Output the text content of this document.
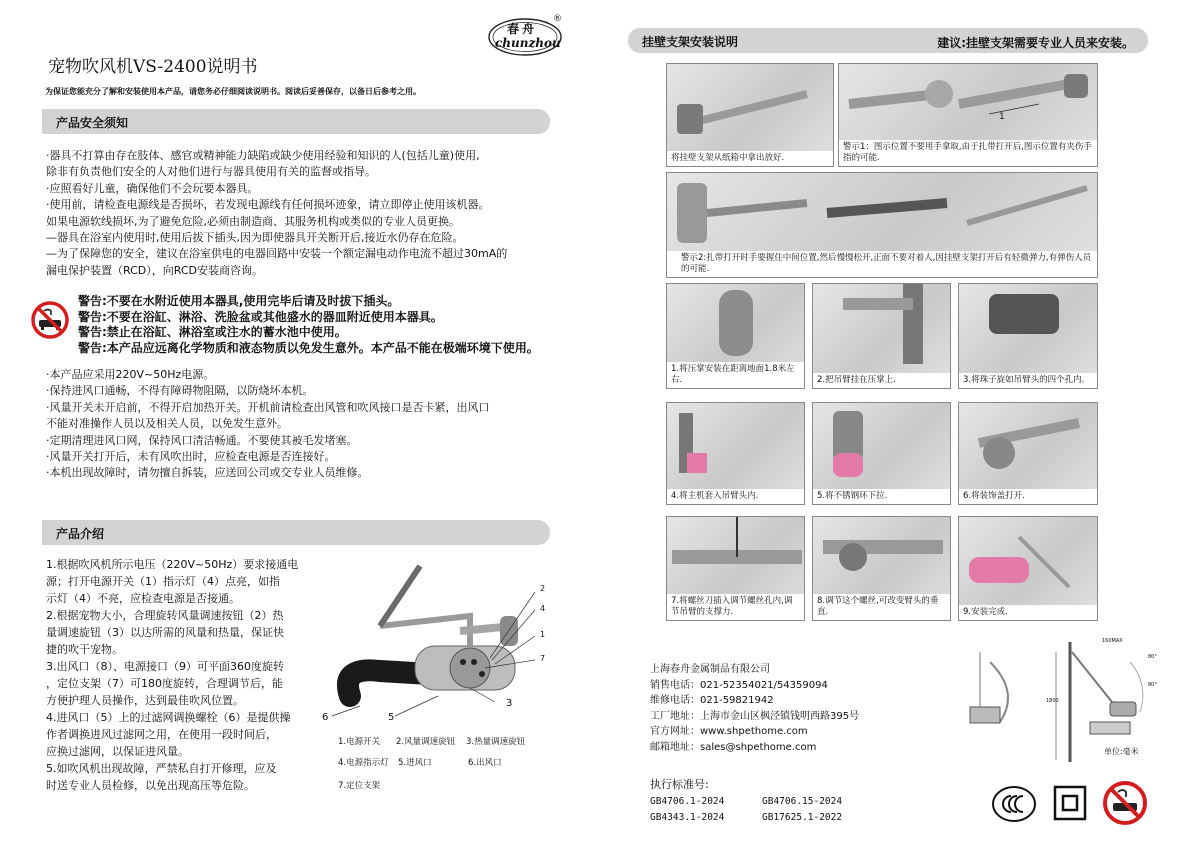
春舟
chunzhou
®
宠物吹风机VS-2400说明书
为保证您能充分了解和安装使用本产品，请您务必仔细阅读说明书。阅读后妥善保存，以备日后参考之用。
产品安全须知
·器具不打算由存在肢体、感官或精神能力缺陷或缺少使用经验和知识的人(包括儿童)使用,
除非有负责他们安全的人对他们进行与器具使用有关的监督或指导。
·应照看好儿童，确保他们不会玩要本器具。
·使用前，请检查电源线是否损坏，若发现电源线有任何损坏迹象，请立即停止使用该机器。
如果电源软线损坏,为了避免危险,必须由制造商、其服务机构或类似的专业人员更换。
—器具在浴室内使用时,使用后拔下插头,因为即使器具开关断开后,接近水仍存在危险。
—为了保障您的安全，建议在浴室供电的电器回路中安装一个额定漏电动作电流不超过30mA的
漏电保护装置（RCD），向RCD安装商咨询。
警告:不要在水附近使用本器具,使用完毕后请及时拔下插头。
警告:不要在浴缸、淋浴、洗脸盆或其他盛水的器皿附近使用本器具。
警告:禁止在浴缸、淋浴室或注水的蓄水池中使用。
警告:本产品应远离化学物质和液态物质以免发生意外。本产品不能在极端环境下使用。
·本产品应采用220V~50Hz电源。
·保持进风口通畅，不得有障碍物阻隔，以防烧坏本机。
·风量开关未开启前，不得开启加热开关。开机前请检查出风管和吹风接口是否卡紧，出风口
不能对准操作人员以及相关人员，以免发生意外。
·定期清理进风口网，保持风口清洁畅通。不要使其被毛发堵塞。
·风量开关打开后，未有风吹出时，应检查电源是否连接好。
·本机出现故障时，请勿擅自拆装，应送回公司或交专业人员维修。
产品介绍
1.根据吹风机所示电压（220V~50Hz）要求接通电
源；打开电源开关（1）指示灯（4）点亮，如指
示灯（4）不亮，应检查电源是否接通。
2.根据宠物大小，合理旋转风量调速按钮（2）热
量调速旋钮（3）以达所需的风量和热量，保证快
捷的吹干宠物。
3.出风口（8）、电源接口（9）可平面360度旋转
，定位支架（7）可180度旋转，合理调节后，能
方便护理人员操作，达到最佳吹风位置。
4.进风口（5）上的过滤网调换螺栓（6）是提供操
作者调换进风过滤网之用，在使用一段时间后，
应换过滤网，以保证进风量。
5.如吹风机出现故障，严禁私自打开修理，应及
时送专业人员检修，以免出现高压等危险。
2
4
1
7
3
5
6
1.电源开关 2.风量调速旋钮 3.热量调速旋钮
4.电源指示灯 5.进风口	6.出风口
7.定位支架
挂壁支架安装说明	建议:挂壁支架需要专业人员来安装。
将挂壁支架从纸箱中拿出放好.
1
警示1：图示位置不要用手拿取,由于扎带打开后,图示位置有夹伤手指的可能.
警示2:扎带打开时手要握住中间位置,然后慢慢松开,正面不要对着人,因挂壁支架打开后有轻微弹力,有弹伤人员的可能.
1.将压掌安装在距离地面1.8米左右.	2.把吊臂挂在压掌上.	3.将珠子旋如吊臂头的四个孔内.
4.将主机套入吊臂头内.	5.将不锈钢环下拉.	6.将装饰盖打开.
7.将螺丝刀插入调节螺丝孔内,调节吊臂的支撑力.
8.调节这个螺丝,可改变臂头的垂直.	9.安装完成.
上海春舟金属制品有限公司
销售电话：021-52354021/54359094
维修电话：021-59821942
工厂地址：上海市金山区枫泾镇钱明西路395号
官方网址：www.shpethome.com
邮箱地址：sales@shpethome.com
执行标准号:
GB4706.1-2024	GB4706.15-2024
GB4343.1-2024	GB17625.1-2022
160MAX
80°
80°
1800
单位:毫米
